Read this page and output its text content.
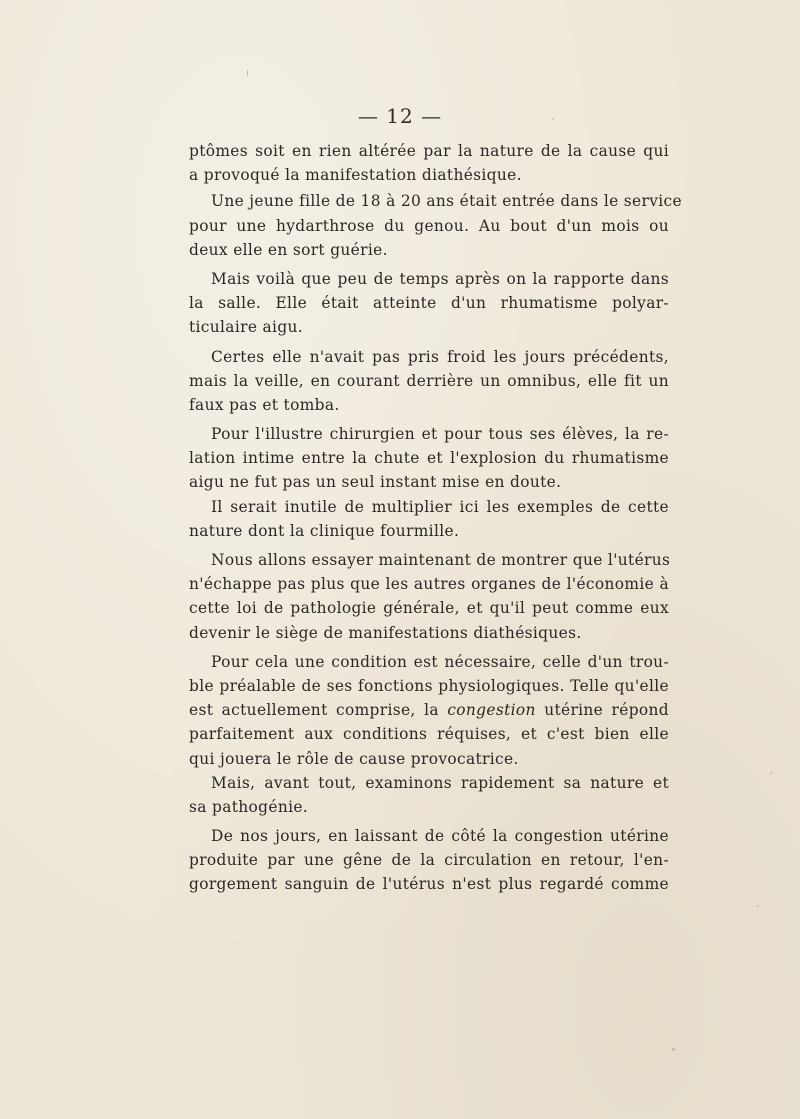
— 12 —
ptômes soit en rien altérée par la nature de la cause qui
a provoqué la manifestation diathésique.
Une jeune fille de 18 à 20 ans était entrée dans le service
pour une hydarthrose du genou. Au bout d'un mois ou
deux elle en sort guérie.
Mais voilà que peu de temps après on la rapporte dans
la salle. Elle était atteinte d'un rhumatisme polyar-
ticulaire aigu.
Certes elle n'avait pas pris froid les jours précédents,
mais la veille, en courant derrière un omnibus, elle fit un
faux pas et tomba.
Pour l'illustre chirurgien et pour tous ses élèves, la re-
lation intime entre la chute et l'explosion du rhumatisme
aigu ne fut pas un seul instant mise en doute.
Il serait inutile de multiplier ici les exemples de cette
nature dont la clinique fourmille.
Nous allons essayer maintenant de montrer que l'utérus
n'échappe pas plus que les autres organes de l'économie à
cette loi de pathologie générale, et qu'il peut comme eux
devenir le siège de manifestations diathésiques.
Pour cela une condition est nécessaire, celle d'un trou-
ble préalable de ses fonctions physiologiques. Telle qu'elle
est actuellement comprise, la congestion utérine répond
parfaitement aux conditions réquises, et c'est bien elle
qui jouera le rôle de cause provocatrice.
Mais, avant tout, examinons rapidement sa nature et
sa pathogénie.
De nos jours, en laissant de côté la congestion utérine
produite par une gêne de la circulation en retour, l'en-
gorgement sanguin de l'utérus n'est plus regardé comme
